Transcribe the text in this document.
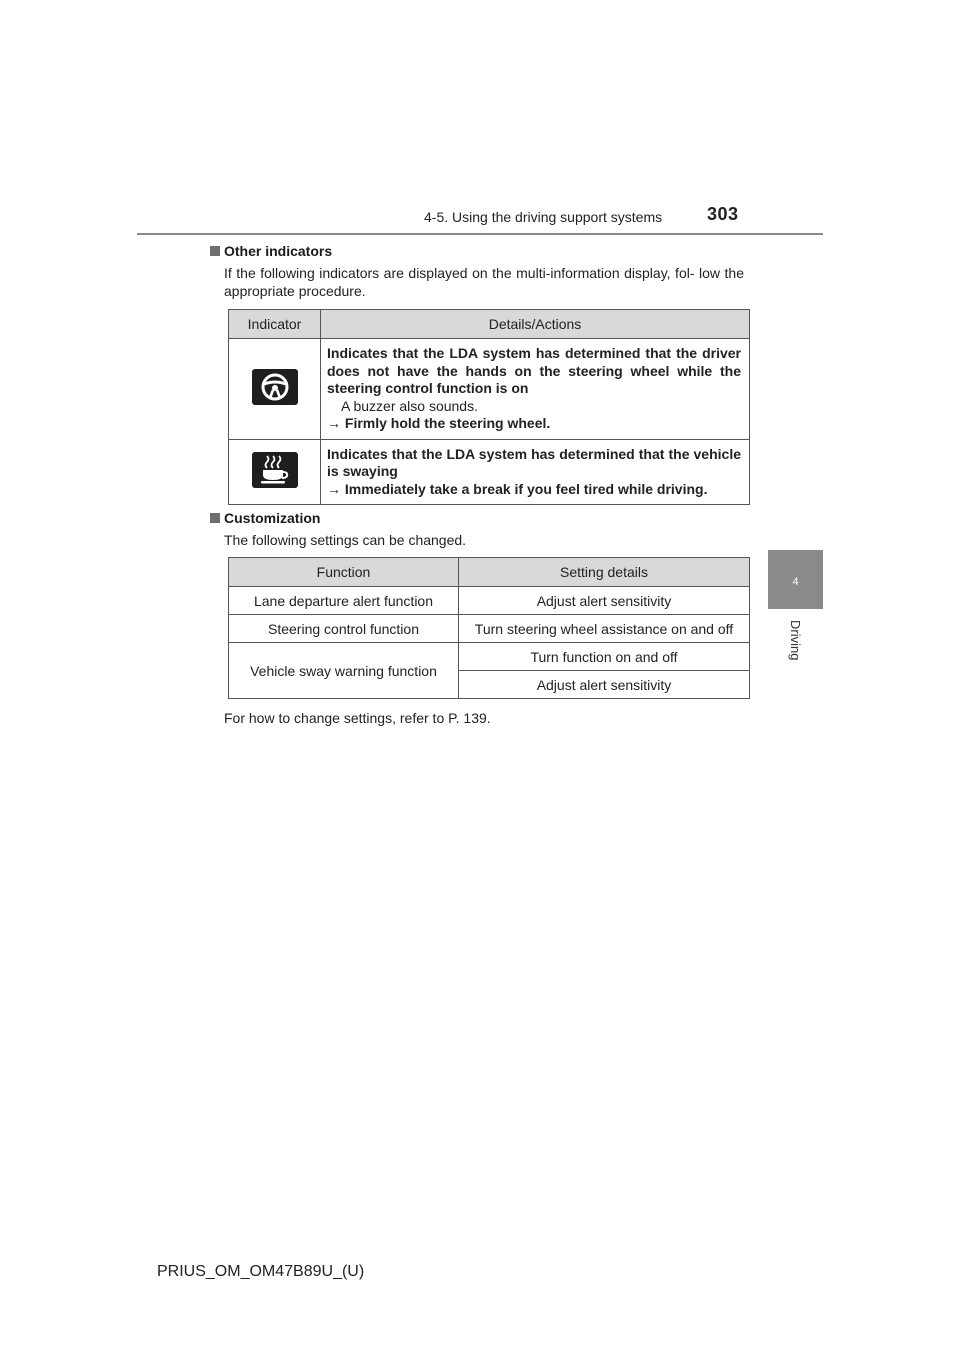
4-5. Using the driving support systems 303
4
Driving
Other indicators
If the following indicators are displayed on the multi-information display, fol- low the appropriate procedure.
Indicator	Details/Actions

Indicates that the LDA system has determined that the driver does not have the hands on the steering wheel while the steering control function is on
A buzzer also sounds.
→ Firmly hold the steering wheel.

Indicates that the LDA system has determined that the vehicle is swaying
→ Immediately take a break if you feel tired while driving.
Customization
The following settings can be changed.
Function	Setting details
Lane departure alert function	Adjust alert sensitivity
Steering control function	Turn steering wheel assistance on and off
Vehicle sway warning function	Turn function on and off
	Adjust alert sensitivity
For how to change settings, refer to P. 139.
PRIUS_OM_OM47B89U_(U)
